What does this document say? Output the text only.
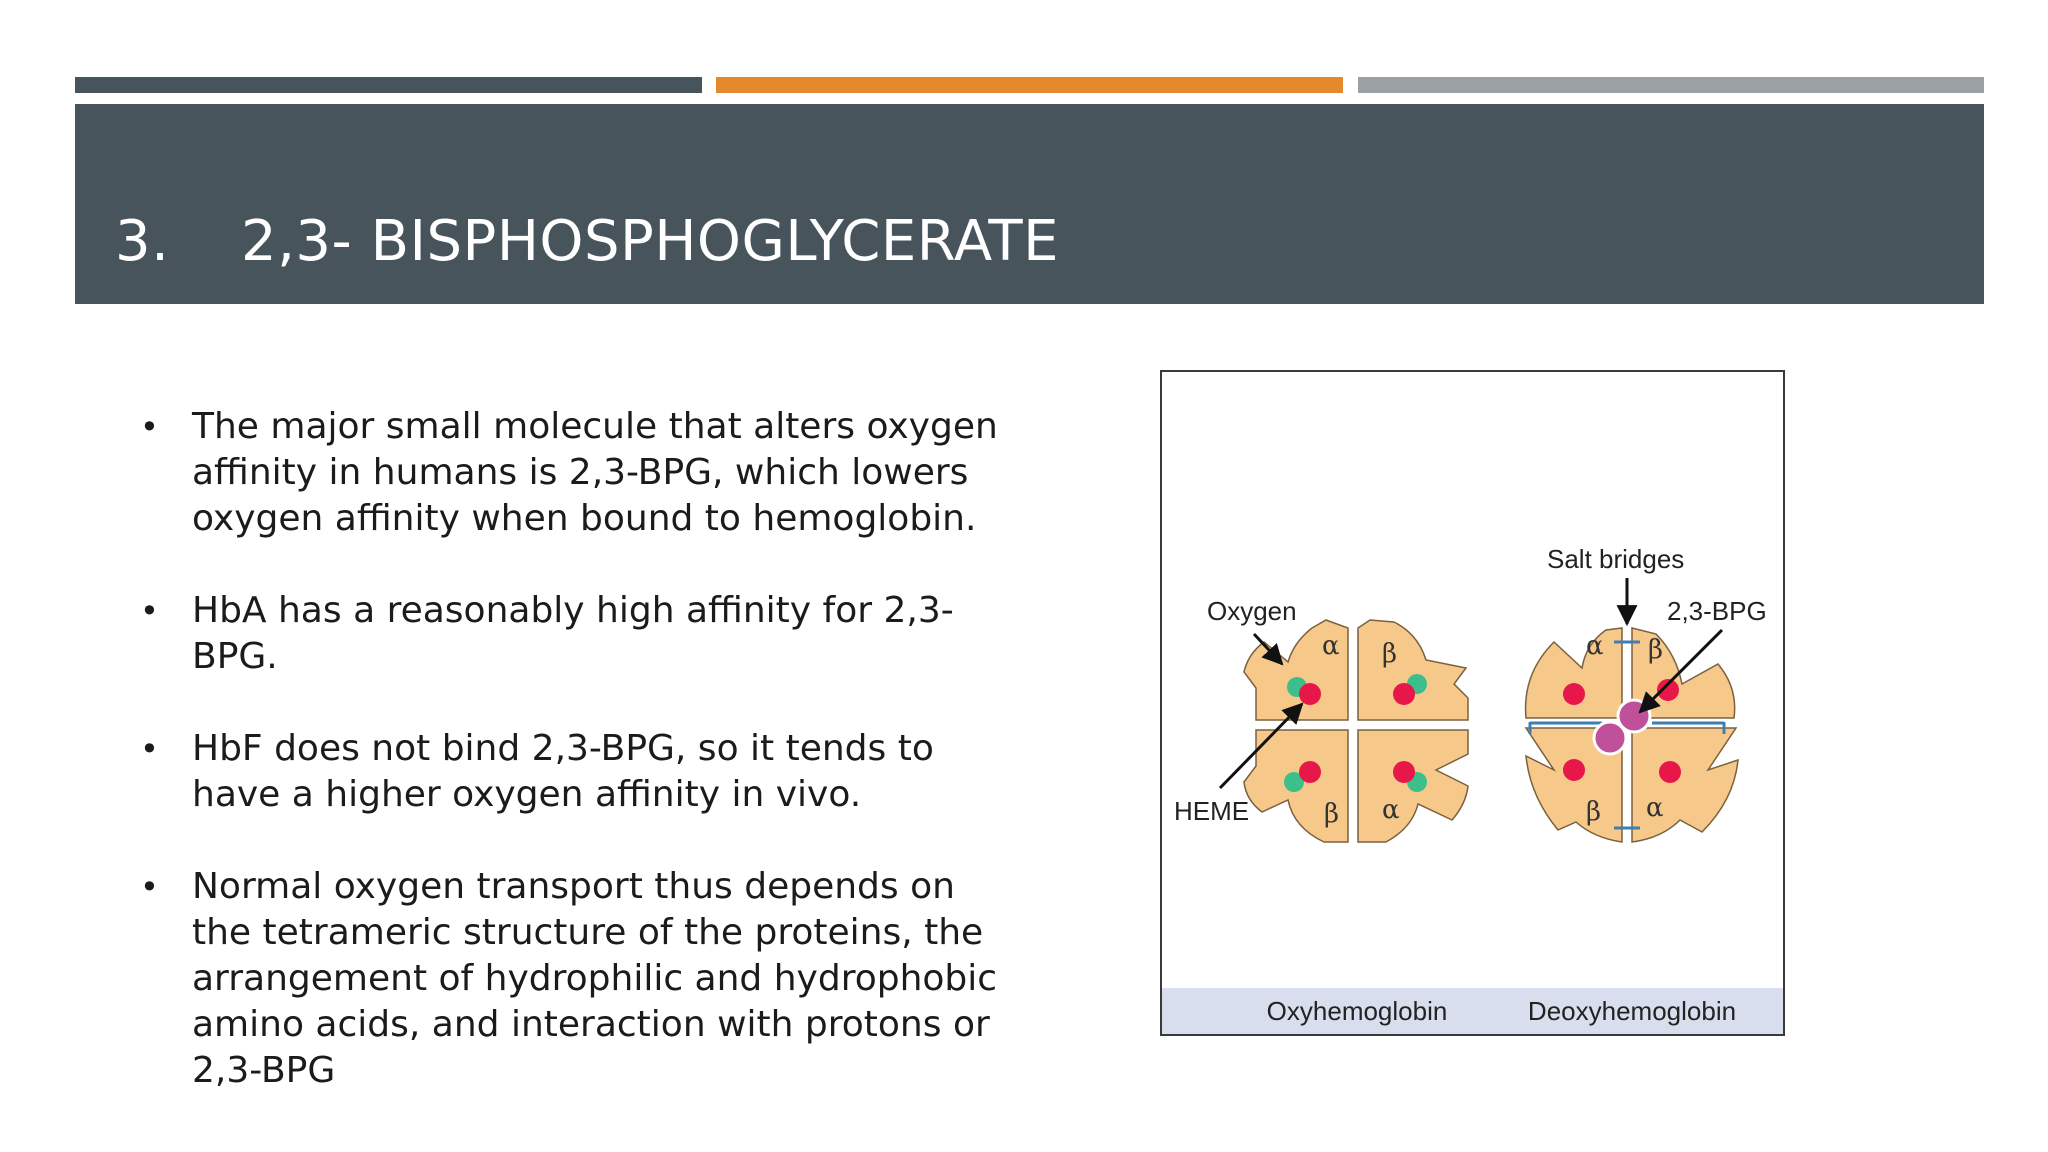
3. 2,3- BISPHOSPHOGLYCERATE
• The major small molecule that alters oxygen affinity in humans is 2,3-BPG, which lowers oxygen affinity when bound to hemoglobin.
• HbA has a reasonably high affinity for 2,3-BPG.
• HbF does not bind 2,3-BPG, so it tends to have a higher oxygen affinity in vivo.
• Normal oxygen transport thus depends on the tetrameric structure of the proteins, the arrangement of hydrophilic and hydrophobic amino acids, and interaction with protons or 2,3-BPG
Oxyhemoglobin	Deoxyhemoglobin
α β
β α
Oxygen
HEME
α β
β α
Salt bridges
2,3-BPG
